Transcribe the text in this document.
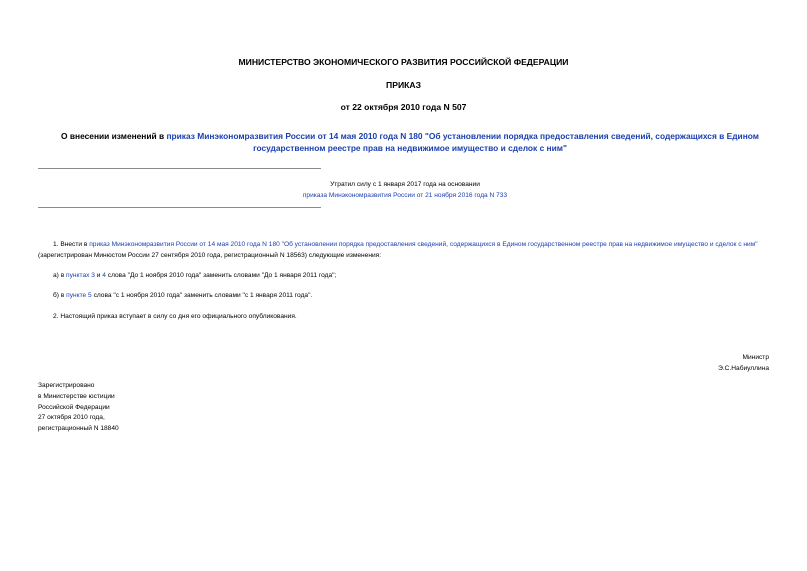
МИНИСТЕРСТВО ЭКОНОМИЧЕСКОГО РАЗВИТИЯ РОССИЙСКОЙ ФЕДЕРАЦИИ
ПРИКАЗ
от 22 октября 2010 года N 507
О внесении изменений в приказ Минэкономразвития России от 14 мая 2010 года N 180 "Об установлении порядка предоставления сведений, содержащихся в Едином государственном реестре прав на недвижимое имущество и сделок с ним"
Утратил силу с 1 января 2017 года на основании
приказа Минэкономразвития России от 21 ноября 2016 года N 733
1. Внести в приказ Минэкономразвития России от 14 мая 2010 года N 180 "Об установлении порядка предоставления сведений, содержащихся в Едином государственном реестре прав на недвижимое имущество и сделок с ним" (зарегистрирован Минюстом России 27 сентября 2010 года, регистрационный N 18563) следующие изменения:
а) в пунктах 3 и 4 слова "До 1 ноября 2010 года" заменить словами "До 1 января 2011 года";
б) в пункте 5 слова "с 1 ноября 2010 года" заменить словами "с 1 января 2011 года".
2. Настоящий приказ вступает в силу со дня его официального опубликования.
Министр
Э.С.Набиуллина
Зарегистрировано
в Министерстве юстиции
Российской Федерации
27 октября 2010 года,
регистрационный N 18840
